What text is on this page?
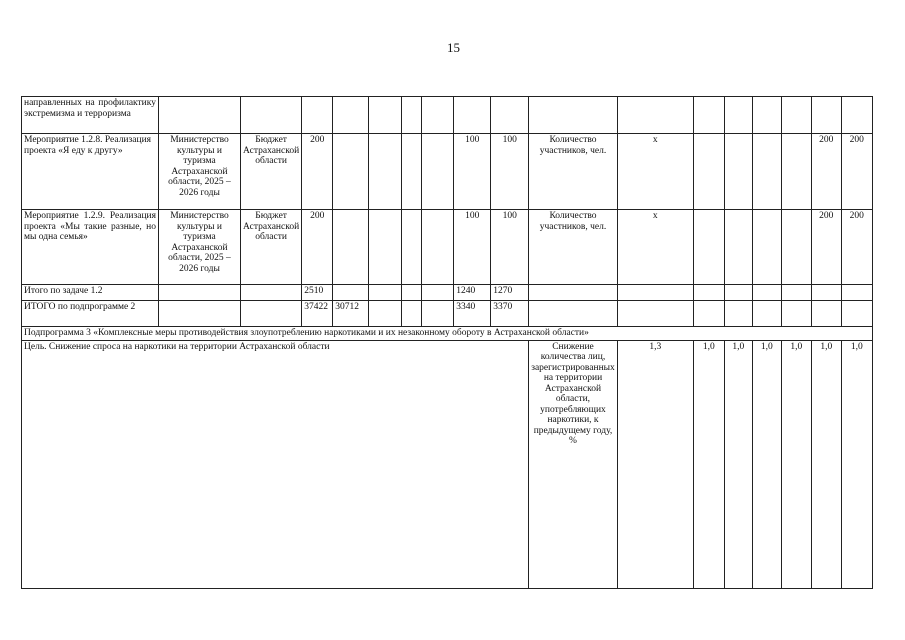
15
направленных на профилактику экстремизма и терроризма																	
Мероприятие 1.2.8. Реализация проекта «Я еду к другу»	Министерство культуры и туризма Астраханской области, 2025 – 2026 годы	Бюджет Астраханской области	200					100	100	Количество участников, чел.	х					200	200
Мероприятие 1.2.9. Реализация проекта «Мы такие разные, но мы одна семья»	Министерство культуры и туризма Астраханской области, 2025 – 2026 годы	Бюджет Астраханской области	200					100	100	Количество участников, чел.	х					200	200
Итого по задаче 1.2			2510					1240	1270								
ИТОГО по подпрограмме 2			37422	30712				3340	3370								
Подпрограмма 3 «Комплексные меры противодействия злоупотреблению наркотиками и их незаконному обороту в Астраханской области»																	
Цель. Снижение спроса на наркотики на территории Астраханской области										Снижение количества лиц, зарегистрированных на территории Астраханской области, употребляющих наркотики, к предыдущему году, %	1,3	1,0	1,0	1,0	1,0	1,0	1,0
